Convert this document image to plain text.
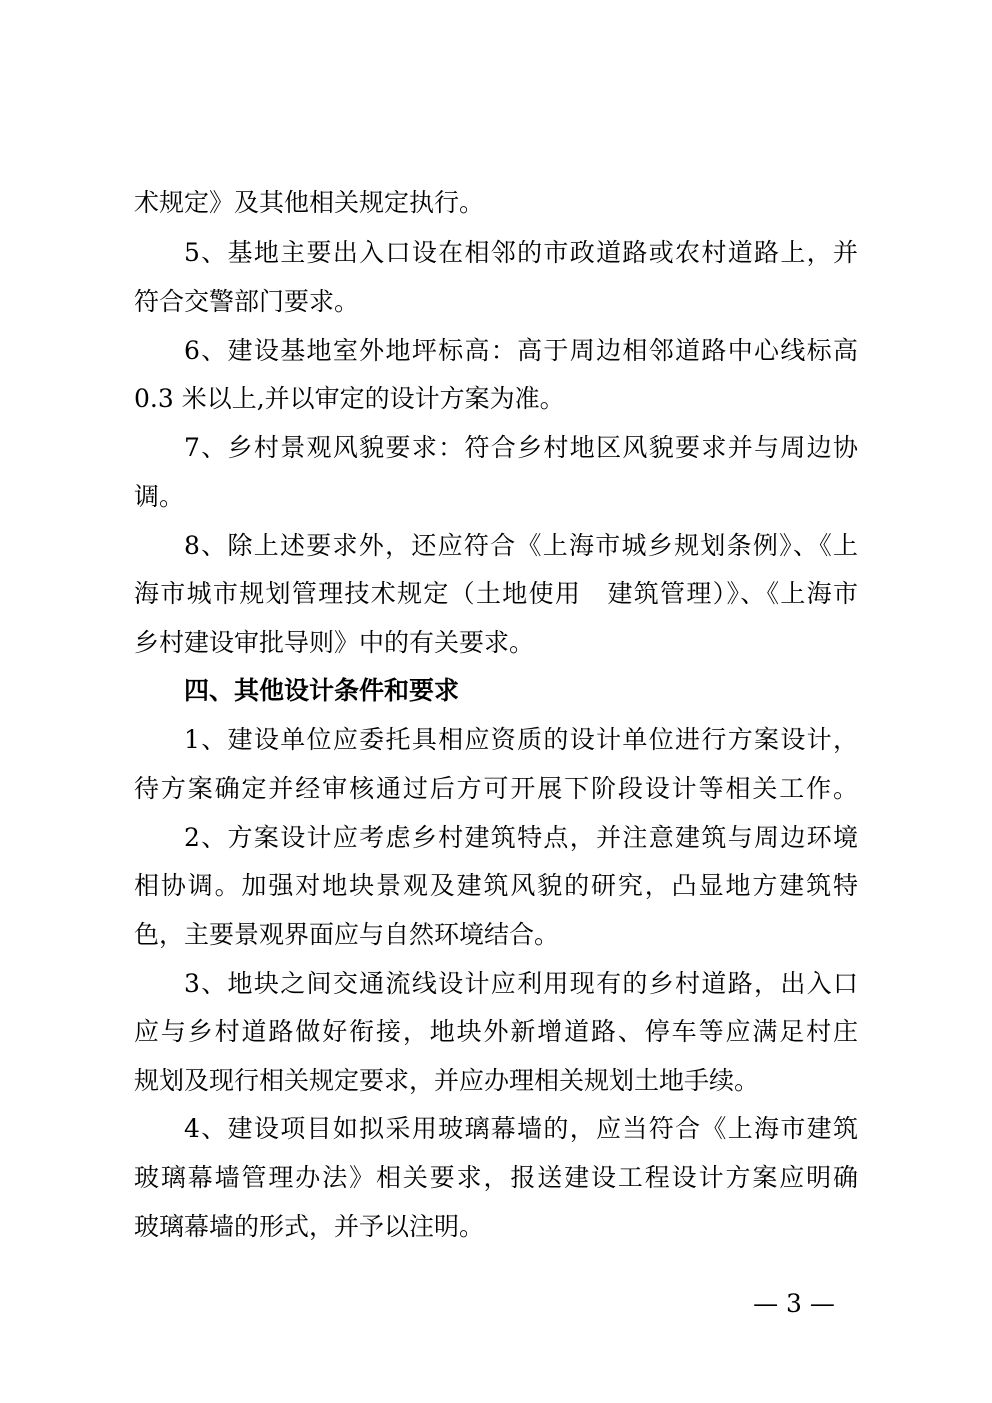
术规定》及其他相关规定执行。
5、基地主要出入口设在相邻的市政道路或农村道路上，并
符合交警部门要求。
6、建设基地室外地坪标高：高于周边相邻道路中心线标高
0.3 米以上,并以审定的设计方案为准。
7、乡村景观风貌要求：符合乡村地区风貌要求并与周边协
调。
8、除上述要求外，还应符合《上海市城乡规划条例》、《上
海市城市规划管理技术规定（土地使用　建筑管理）》、《上海市
乡村建设审批导则》中的有关要求。
四、其他设计条件和要求
1、建设单位应委托具相应资质的设计单位进行方案设计，
待方案确定并经审核通过后方可开展下阶段设计等相关工作。
2、方案设计应考虑乡村建筑特点，并注意建筑与周边环境
相协调。加强对地块景观及建筑风貌的研究，凸显地方建筑特
色，主要景观界面应与自然环境结合。
3、地块之间交通流线设计应利用现有的乡村道路，出入口
应与乡村道路做好衔接，地块外新增道路、停车等应满足村庄
规划及现行相关规定要求，并应办理相关规划土地手续。
4、建设项目如拟采用玻璃幕墙的，应当符合《上海市建筑
玻璃幕墙管理办法》相关要求，报送建设工程设计方案应明确
玻璃幕墙的形式，并予以注明。
— 3 —
